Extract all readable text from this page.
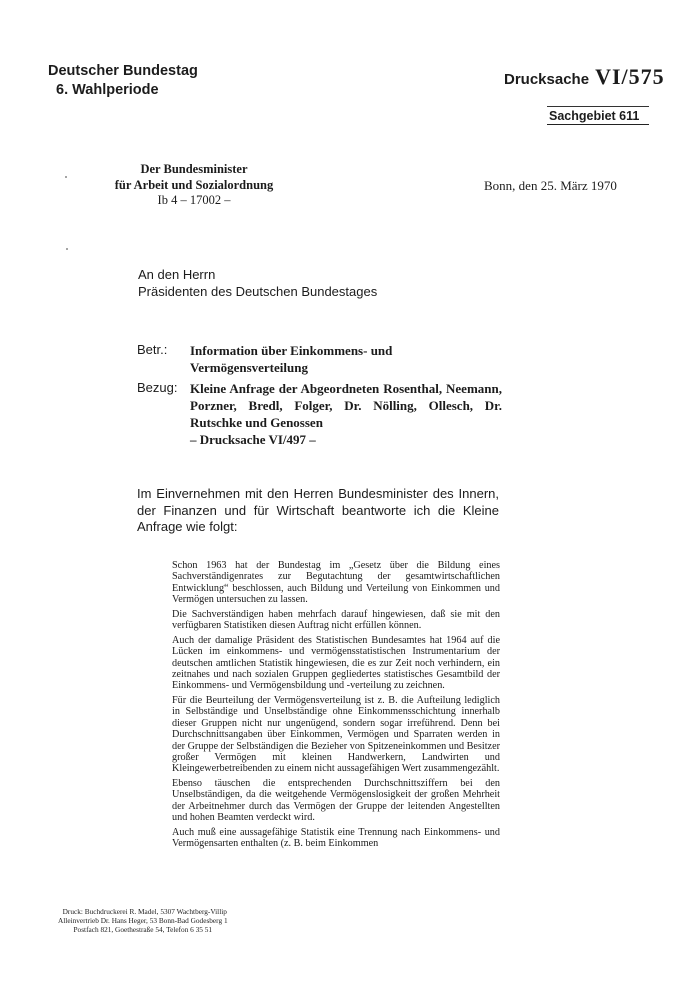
Deutscher Bundestag
6. Wahlperiode
Drucksache VI/575
Sachgebiet 611
Der Bundesminister
für Arbeit und Sozialordnung
Ib 4 – 17002 –
Bonn, den 25. März 1970
An den Herrn
Präsidenten des Deutschen Bundestages
Betr.: Information über Einkommens- und Vermögensverteilung
Bezug: Kleine Anfrage der Abgeordneten Rosenthal, Neemann, Porzner, Bredl, Folger, Dr. Nölling, Ollesch, Dr. Rutschke und Genossen
– Drucksache VI/497 –
Im Einvernehmen mit den Herren Bundesminister des Innern, der Finanzen und für Wirtschaft beantworte ich die Kleine Anfrage wie folgt:

Schon 1963 hat der Bundestag im „Gesetz über die Bildung eines Sachverständigenrates zur Begutachtung der gesamtwirtschaftlichen Entwicklung“ beschlossen, auch Bildung und Verteilung von Einkommen und Vermögen untersuchen zu lassen.

Die Sachverständigen haben mehrfach darauf hingewiesen, daß sie mit den verfügbaren Statistiken diesen Auftrag nicht erfüllen können.

Auch der damalige Präsident des Statistischen Bundesamtes hat 1964 auf die Lücken im einkommens- und vermögensstatistischen Instrumentarium der deutschen amtlichen Statistik hingewiesen, die es zur Zeit noch verhindern, ein zeitnahes und nach sozialen Gruppen gegliedertes statistisches Gesamtbild der Einkommens- und Vermögensbildung und -verteilung zu zeichnen.

Für die Beurteilung der Vermögensverteilung ist z. B. die Aufteilung lediglich in Selbständige und Unselbständige ohne Einkommensschichtung innerhalb dieser Gruppen nicht nur ungenügend, sondern sogar irreführend. Denn bei Durchschnittsangaben über Einkommen, Vermögen und Sparraten werden in der Gruppe der Selbständigen die Bezieher von Spitzeneinkommen und Besitzer großer Vermögen mit kleinen Handwerkern, Landwirten und Kleingewerbetreibenden zu einem nicht aussagefähigen Wert zusammengezählt.

Ebenso täuschen die entsprechenden Durchschnittsziffern bei den Unselbständigen, da die weitgehende Vermögenslosigkeit der großen Mehrheit der Arbeitnehmer durch das Vermögen der Gruppe der leitenden Angestellten und hohen Beamten verdeckt wird.

Auch muß eine aussagefähige Statistik eine Trennung nach Einkommens- und Vermögensarten enthalten (z. B. beim Einkommen

Druck: Buchdruckerei R. Madel, 5307 Wachtberg-Villip
Alleinvertrieb Dr. Hans Heger, 53 Bonn-Bad Godesberg 1
Postfach 821, Goethestraße 54, Telefon 6 35 51
